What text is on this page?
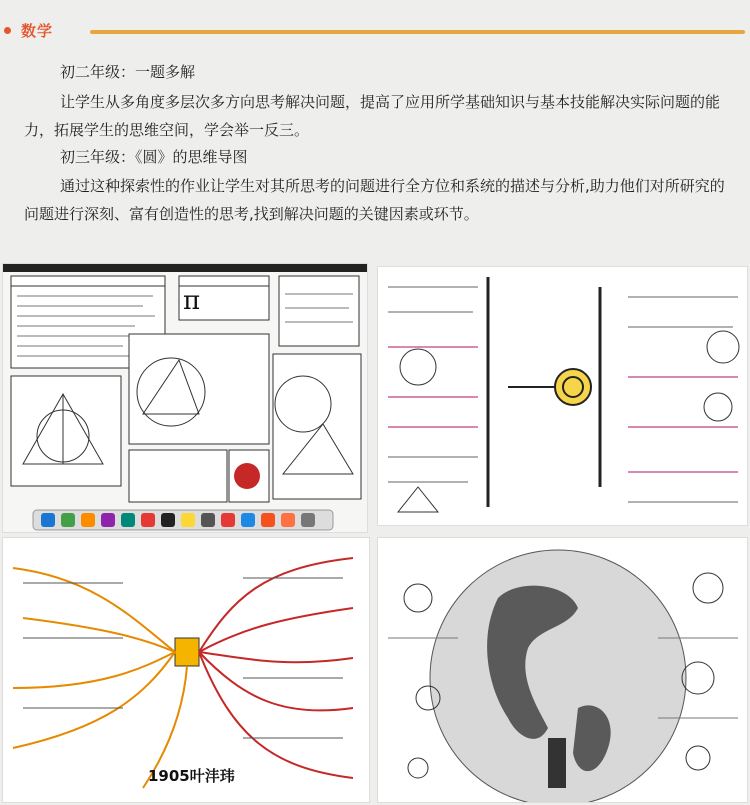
数学
初二年级：一题多解
让学生从多角度多层次多方向思考解决问题，提高了应用所学基础知识与基本技能解决实际问题的能力，拓展学生的思维空间，学会举一反三。
初三年级：《圆》的思维导图
通过这种探索性的作业让学生对其所思考的问题进行全方位和系统的描述与分析,助力他们对所研究的问题进行深刻、富有创造性的思考,找到解决问题的关键因素或环节。
π
1905叶沣玮
